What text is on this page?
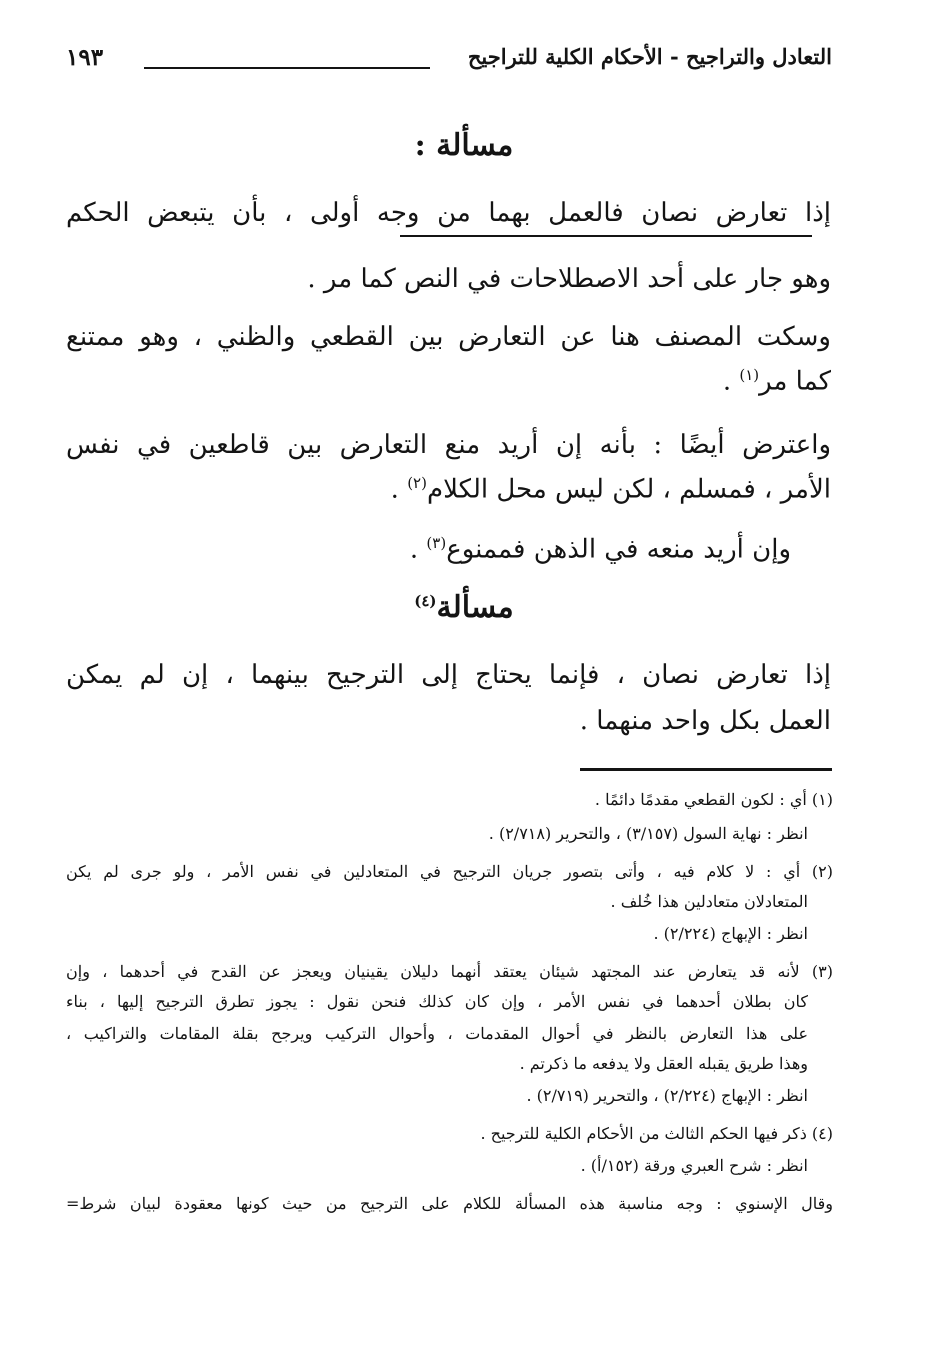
التعادل والتراجيح - الأحكام الكلية للتراجيح
١٩٣
مسألة :
إذا تعارض نصان فالعمل بهما من وجه أولى ، بأن يتبعض الحكم
وهو جار على أحد الاصطلاحات في النص كما مر .
وسكت المصنف هنا عن التعارض بين القطعي والظني ، وهو ممتنع
كما مر$^{(١)}$ .
واعترض أيضًا : بأنه إن أريد منع التعارض بين قاطعين في نفس
الأمر ، فمسلم ، لكن ليس محل الكلام$^{(٢)}$ .
وإن أريد منعه في الذهن فممنوع$^{(٣)}$ .
مسألة$^{(٤)}$
إذا تعارض نصان ، فإنما يحتاج إلى الترجيح بينهما ، إن لم يمكن
العمل بكل واحد منهما .
(١) أي : لكون القطعي مقدمًا دائمًا .
انظر : نهاية السول (٣/١٥٧) ، والتحرير (٢/٧١٨) .
(٢) أي : لا كلام فيه ، وأتى بتصور جريان الترجيح في المتعادلين في نفس الأمر ، ولو جرى لم يكن
المتعادلان متعادلين هذا خُلف .
انظر : الإبهاج (٢/٢٢٤) .
(٣) لأنه قد يتعارض عند المجتهد شيئان يعتقد أنهما دليلان يقينيان ويعجز عن القدح في أحدهما ، وإن
كان بطلان أحدهما في نفس الأمر ، وإن كان كذلك فنحن نقول : يجوز تطرق الترجيح إليها ، بناء
على هذا التعارض بالنظر في أحوال المقدمات ، وأحوال التركيب ويرجح بقلة المقامات والتراكيب ،
وهذا طريق يقبله العقل ولا يدفعه ما ذكرتم .
انظر : الإبهاج (٢/٢٢٤) ، والتحرير (٢/٧١٩) .
(٤) ذكر فيها الحكم الثالث من الأحكام الكلية للترجيح .
انظر : شرح العبري ورقة (١٥٢/أ) .
وقال الإسنوي : وجه مناسبة هذه المسألة للكلام على الترجيح من حيث كونها معقودة لبيان شرط=
